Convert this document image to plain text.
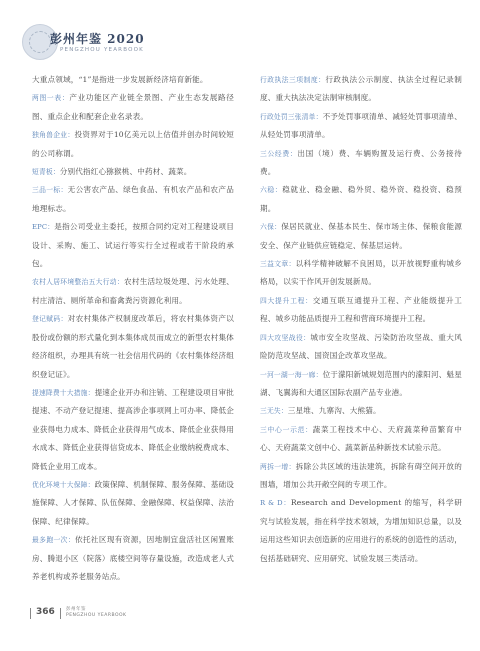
彭州年鉴 2020
PENGZHOU YEARBOOK

大重点领域，“1”是指进一步发展新经济培育新能。

两图一表：产业功能区产业链全景图、产业生态发展路径图、重点企业和配套企业名录表。

独角兽企业：投资界对于10亿美元以上估值并创办时间较短的公司称谓。

短青板：分别代指红心猕猴桃、中药材、蔬菜。

三品一标：无公害农产品、绿色食品、有机农产品和农产品地理标志。

EPC：是指公司受业主委托，按照合同约定对工程建设项目设计、采购、施工、试运行等实行全过程或若干阶段的承包。

农村人居环境整治五大行动：农村生活垃圾处理、污水处理、村庄清洁、厕所革命和畜禽粪污资源化利用。

登记赋码：对农村集体产权制度改革后，将农村集体资产以股份或份额的形式量化到本集体成员而成立的新型农村集体经济组织，办理具有统一社会信用代码的《农村集体经济组织登记证》。

提速降费十大措施：提速企业开办和注销、工程建设项目审批提速、不动产登记提速、提高涉企事项网上可办率、降低企业获得电力成本、降低企业获得用气成本、降低企业获得用水成本、降低企业获得信贷成本、降低企业缴纳税费成本、降低企业用工成本。

优化环境十大保障：政策保障、机制保障、服务保障、基础设施保障、人才保障、队伍保障、金融保障、权益保障、法治保障、纪律保障。

最多跑一次：依托社区现有资源，因地制宜盘活社区闲置账房、腾退小区（院落）底楼空间等存量设施，改造成老人式养老机构或养老服务站点。

行政执法三项制度：行政执法公示制度、执法全过程记录制度、重大执法决定法制审核制度。

行政处罚三张清单：不予处罚事项清单、减轻处罚事项清单、从轻处罚事项清单。

三公经费：出国（境）费、车辆购置及运行费、公务接待费。

六稳：稳就业、稳金融、稳外贸、稳外资、稳投资、稳预期。

六保：保居民就业、保基本民生、保市场主体、保粮食能源安全、保产业链供应链稳定、保基层运转。

三益文章：以科学精神破解不良困局，以开放视野重构城乡格局，以实干作风开创发展新局。

四大提升工程：交通互联互通提升工程、产业能级提升工程、城乡功能品质提升工程和营商环境提升工程。

四大攻坚战役：城市安全攻坚战、污染防治攻坚战、重大风险防范攻坚战、国资国企改革攻坚战。

一河一湖一海一廊：位于濛阳新城规划范围内的濛阳河、魁星湖、飞翼海和大通区国际农副产品专业港。

三无失：三星堆、九寨沟、大熊猫。

三中心一示范：蔬菜工程技术中心、天府蔬菜种苗繁育中心、天府蔬菜文创中心、蔬菜新品种新技术试验示范。

两拆一增：拆除公共区域的违法建筑，拆除有碍空间开放的围墙，增加公共开敞空间的专项工作。

R & D：Research and Development 的缩写，科学研究与试验发展，指在科学技术领域，为增加知识总量，以及运用这些知识去创造新的应用进行的系统的创造性的活动，包括基础研究、应用研究、试验发展三类活动。

366 彭州年鉴
PENGZHOU YEARBOOK
